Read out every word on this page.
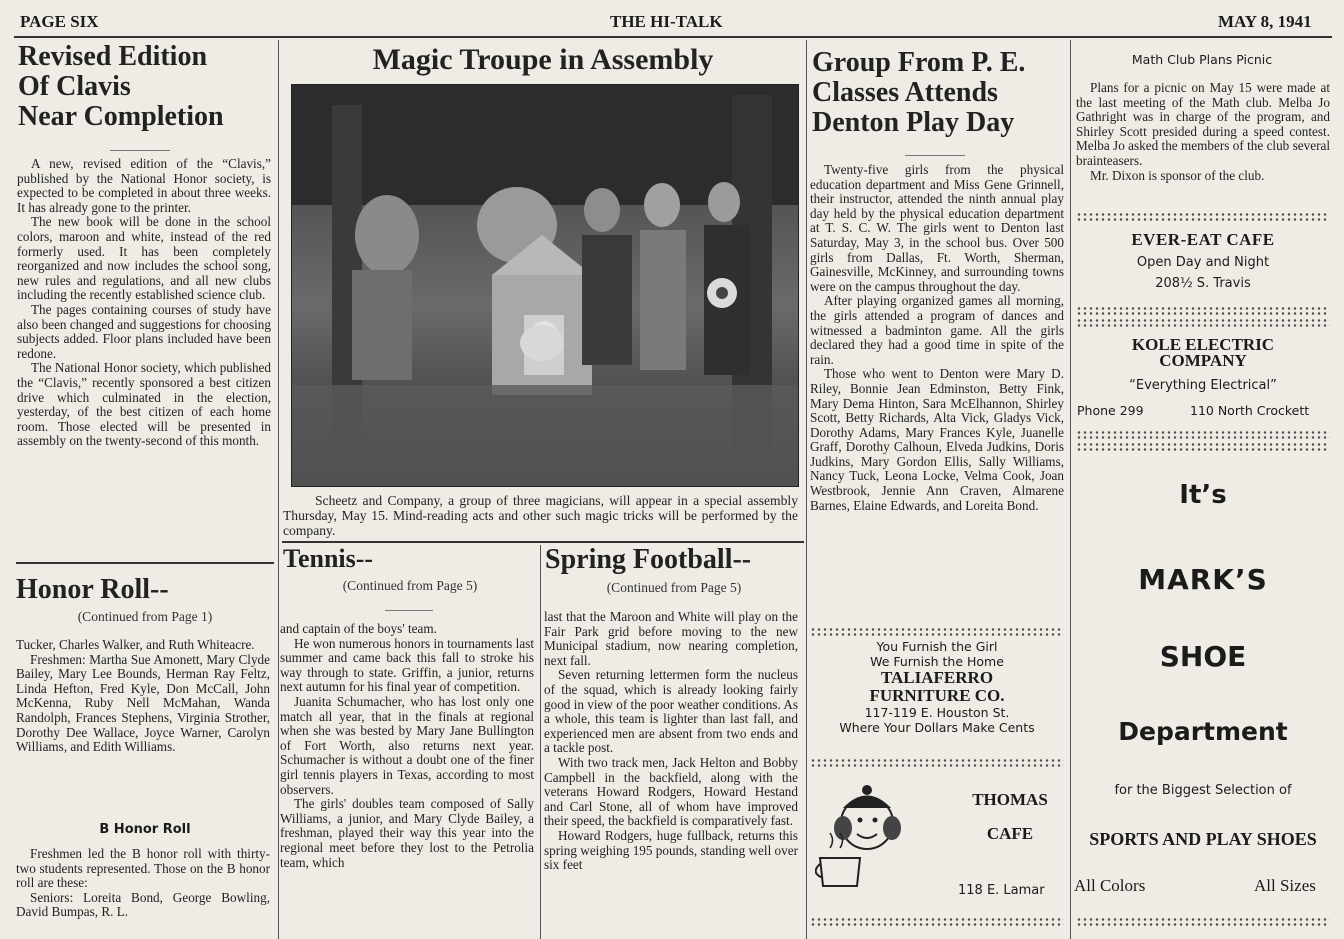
PAGE SIX	THE HI-TALK	MAY 8, 1941
Revised Edition
Of Clavis
Near Completion

A new, revised edition of the “Clavis,” published by the National Honor society, is expected to be completed in about three weeks. It has already gone to the printer.

The new book will be done in the school colors, maroon and white, instead of the red formerly used. It has been completely reorganized and now includes the school song, new rules and regulations, and all new clubs including the recently established science club.

The pages containing courses of study have also been changed and suggestions for choosing subjects added. Floor plans included have been redone.

The National Honor society, which published the “Clavis,” recently sponsored a best citizen drive which culminated in the election, yesterday, of the best citizen of each home room. Those elected will be presented in assembly on the twenty-second of this month.

Honor Roll--
(Continued from Page 1)

Tucker, Charles Walker, and Ruth Whiteacre.

Freshmen: Martha Sue Amonett, Mary Clyde Bailey, Mary Lee Bounds, Herman Ray Feltz, Linda Hefton, Fred Kyle, Don McCall, John McKenna, Ruby Nell McMahan, Wanda Randolph, Frances Stephens, Virginia Strother, Dorothy Dee Wallace, Joyce Warner, Carolyn Williams, and Edith Williams.

B Honor Roll

Freshmen led the B honor roll with thirty-two students represented. Those on the B honor roll are these:

Seniors: Loreita Bond, George Bowling, David Bumpas, R. L.

Magic Troupe in Assembly

Scheetz and Company, a group of three magicians, will appear in a special assembly Thursday, May 15. Mind-reading acts and other such magic tricks will be performed by the company.

Tennis--
(Continued from Page 5)

and captain of the boys' team.

He won numerous honors in tournaments last summer and came back this fall to stroke his way through to state. Griffin, a junior, returns next autumn for his final year of competition.

Juanita Schumacher, who has lost only one match all year, that in the finals at regional when she was bested by Mary Jane Bullington of Fort Worth, also returns next year. Schumacher is without a doubt one of the finer girl tennis players in Texas, according to most observers.

The girls' doubles team composed of Sally Williams, a junior, and Mary Clyde Bailey, a freshman, played their way this year into the regional meet before they lost to the Petrolia team, which

Spring Football--
(Continued from Page 5)

last that the Maroon and White will play on the Fair Park grid before moving to the new Municipal stadium, now nearing completion, next fall.

Seven returning lettermen form the nucleus of the squad, which is already looking fairly good in view of the poor weather conditions. As a whole, this team is lighter than last fall, and experienced men are absent from two ends and a tackle post.

With two track men, Jack Helton and Bobby Campbell in the backfield, along with the veterans Howard Rodgers, Howard Hestand and Carl Stone, all of whom have improved their speed, the backfield is comparatively fast.

Howard Rodgers, huge fullback, returns this spring weighing 195 pounds, standing well over six feet

Group From P. E.
Classes Attends
Denton Play Day

Twenty-five girls from the physical education department and Miss Gene Grinnell, their instructor, attended the ninth annual play day held by the physical education department at T. S. C. W. The girls went to Denton last Saturday, May 3, in the school bus. Over 500 girls from Dallas, Ft. Worth, Sherman, Gainesville, McKinney, and surrounding towns were on the campus throughout the day.

After playing organized games all morning, the girls attended a program of dances and witnessed a badminton game. All the girls declared they had a good time in spite of the rain.

Those who went to Denton were Mary D. Riley, Bonnie Jean Edminston, Betty Fink, Mary Dema Hinton, Sara McElhannon, Shirley Scott, Betty Richards, Alta Vick, Gladys Vick, Dorothy Adams, Mary Frances Kyle, Juanelle Graff, Dorothy Calhoun, Elveda Judkins, Doris Judkins, Mary Gordon Ellis, Sally Williams, Nancy Tuck, Leona Locke, Velma Cook, Joan Westbrook, Jennie Ann Craven, Almarene Barnes, Elaine Edwards, and Loreita Bond.

You Furnish the Girl
We Furnish the Home
TALIAFERRO
FURNITURE CO.
117-119 E. Houston St.
Where Your Dollars Make Cents
THOMAS
CAFE
118 E. Lamar
Math Club Plans Picnic

Plans for a picnic on May 15 were made at the last meeting of the Math club. Melba Jo Gathright was in charge of the program, and Shirley Scott presided during a speed contest. Melba Jo asked the members of the club several brainteasers.

Mr. Dixon is sponsor of the club.

EVER-EAT CAFE
Open Day and Night
208½ S. Travis
KOLE ELECTRIC
COMPANY
“Everything Electrical”
Phone 299	110 North Crockett
It’s
MARK’S
SHOE
Department
for the Biggest Selection of
SPORTS AND PLAY SHOES
All Colors	All Sizes
